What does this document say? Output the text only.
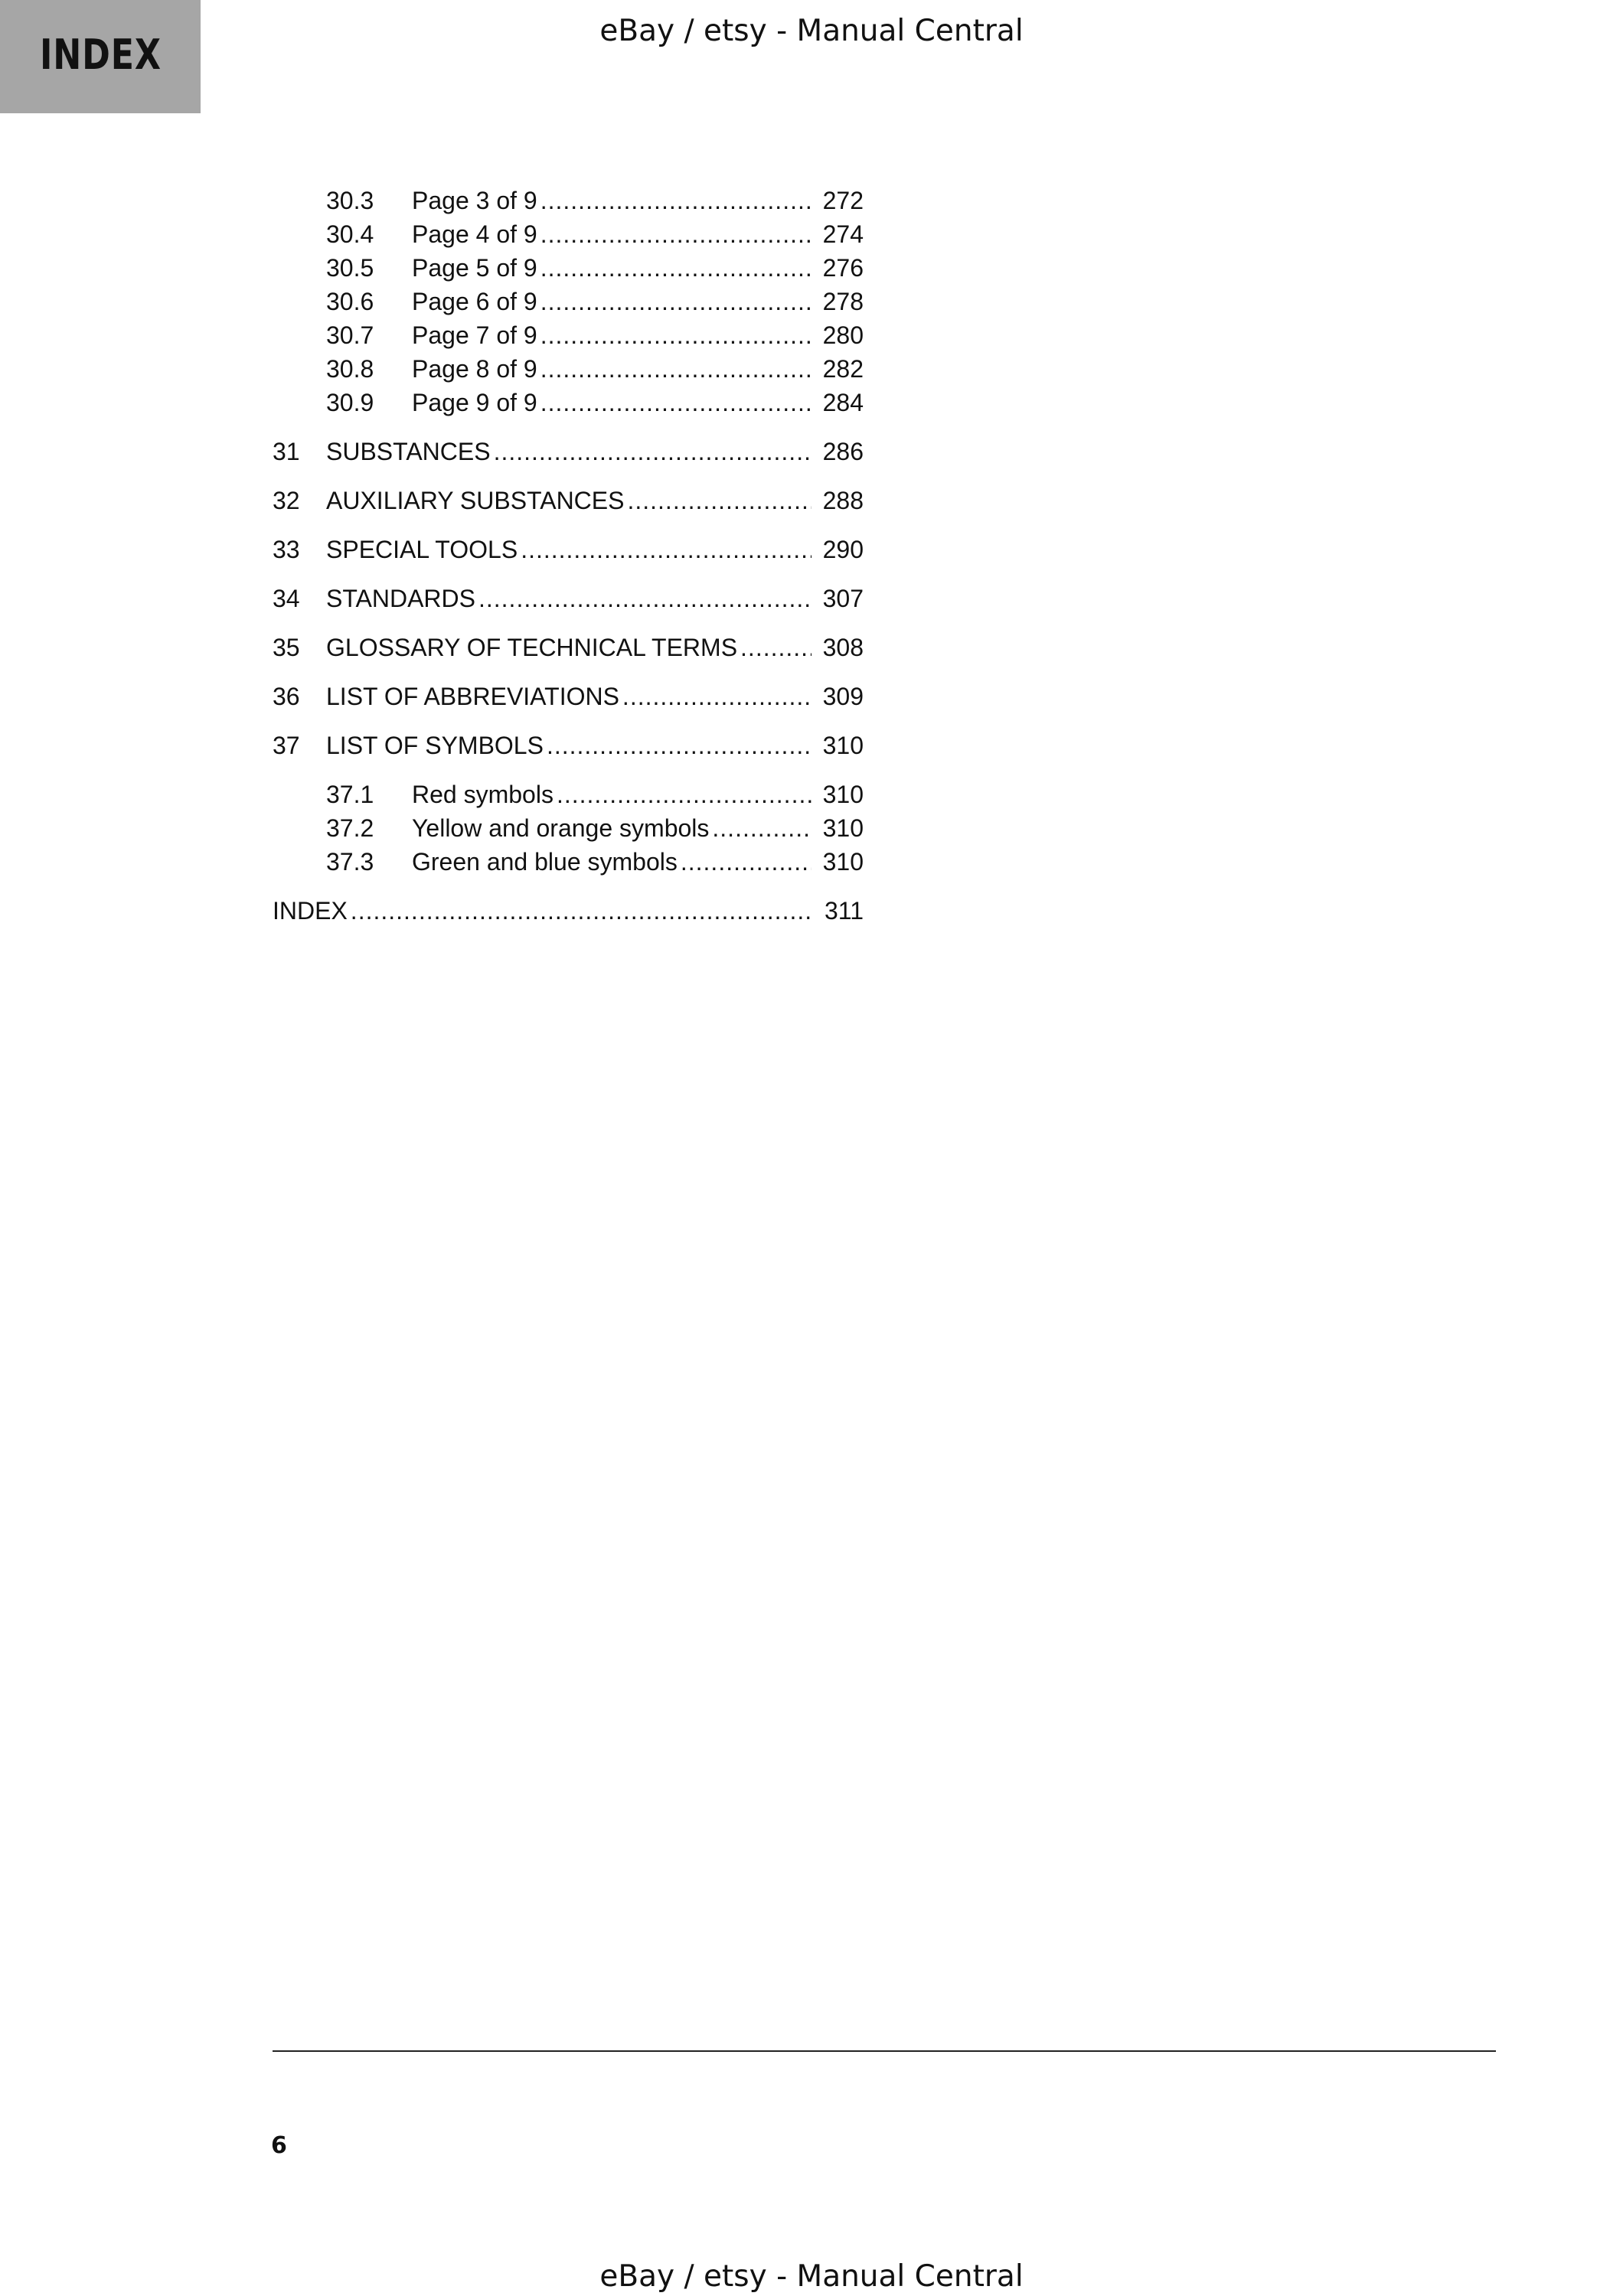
INDEX	eBay / etsy - Manual Central
30.3	Page 3 of 9 .....	272
30.4	Page 4 of 9 .....	274
30.5	Page 5 of 9 .....	276
30.6	Page 6 of 9 .....	278
30.7	Page 7 of 9 .....	280
30.8	Page 8 of 9 .....	282
30.9	Page 9 of 9 .....	284
31	SUBSTANCES .....	286
32	AUXILIARY SUBSTANCES .....	288
33	SPECIAL TOOLS .....	290
34	STANDARDS .....	307
35	GLOSSARY OF TECHNICAL TERMS .....	308
36	LIST OF ABBREVIATIONS .....	309
37	LIST OF SYMBOLS .....	310
37.1	Red symbols .....	310
37.2	Yellow and orange symbols .....	310
37.3	Green and blue symbols .....	310
INDEX .....	311
6
eBay / etsy - Manual Central
